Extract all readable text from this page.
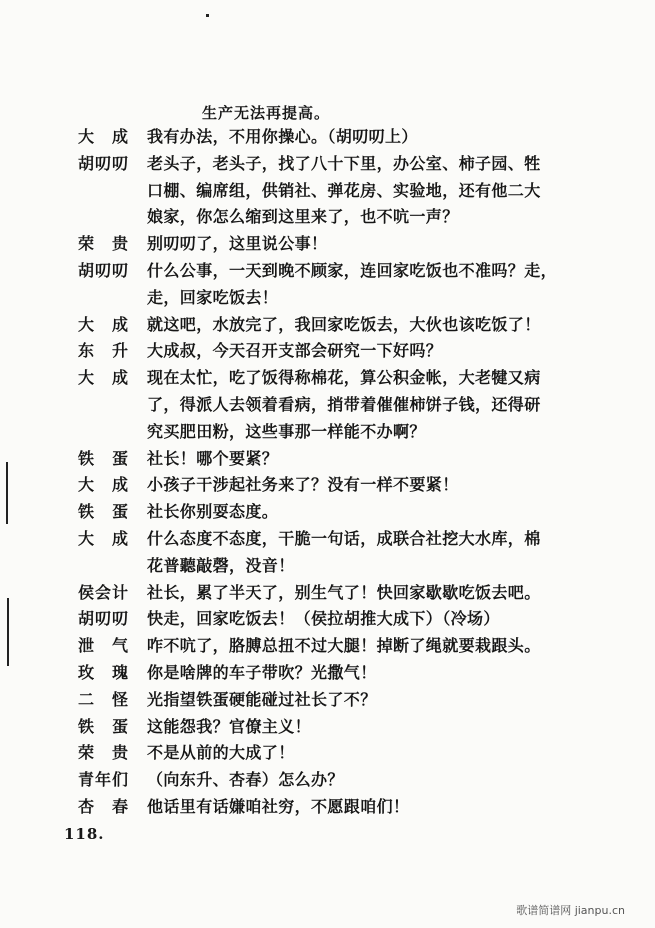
生产无法再提高。
大　成	我有办法，不用你操心。（胡叨叨上）
胡叨叨	老头子，老头子，找了八十下里，办公室、柿子园、牲
口棚、编席组，供销社、弹花房、实验地，还有他二大
娘家，你怎么缩到这里来了，也不吭一声？
荣　贵	别叨叨了，这里说公事！
胡叨叨	什么公事，一天到晚不顾家，连回家吃饭也不准吗？走，
走，回家吃饭去！
大　成	就这吧，水放完了，我回家吃饭去，大伙也该吃饭了！
东　升	大成叔，今天召开支部会研究一下好吗？
大　成	现在太忙，吃了饭得称棉花，算公积金帐，大老犍又病
了，得派人去领着看病，捎带着催催柿饼子钱，还得研
究买肥田粉，这些事那一样能不办啊？
铁　蛋	社长！哪个要紧？
大　成	小孩子干涉起社务来了？没有一样不要紧！
铁　蛋	社长你别耍态度。
大　成	什么态度不态度，干脆一句话，成联合社挖大水库，棉
花普聽敲磬，没音！
侯会计	社长，累了半天了，别生气了！快回家歇歇吃饭去吧。
胡叨叨	快走，回家吃饭去！（侯拉胡推大成下）（冷场）
泄　气	咋不吭了，胳膊总扭不过大腿！掉断了绳就要栽跟头。
玫　瑰	你是啥牌的车子带吹？光撒气！
二　怪	光指望铁蛋硬能碰过社长了不？
铁　蛋	这能怨我？官僚主义！
荣　贵	不是从前的大成了！
青年们	（向东升、杏春）怎么办？
杏　春	他话里有话嫌咱社穷，不愿跟咱们！
118.
歌谱简谱网 jianpu.cn
